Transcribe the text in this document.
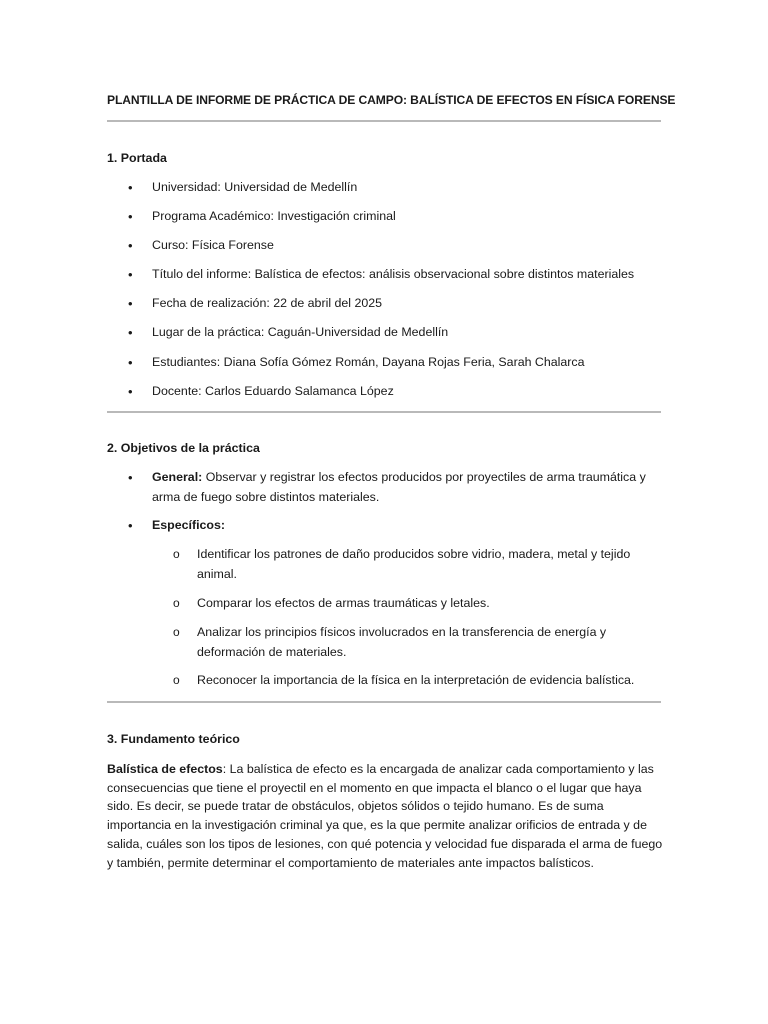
PLANTILLA DE INFORME DE PRÁCTICA DE CAMPO: BALÍSTICA DE EFECTOS EN FÍSICA FORENSE
1. Portada
• Universidad: Universidad de Medellín
• Programa Académico: Investigación criminal
• Curso: Física Forense
• Título del informe: Balística de efectos: análisis observacional sobre distintos materiales
• Fecha de realización: 22 de abril del 2025
• Lugar de la práctica: Caguán-Universidad de Medellín
• Estudiantes: Diana Sofía Gómez Román, Dayana Rojas Feria, Sarah Chalarca
• Docente: Carlos Eduardo Salamanca López
2. Objetivos de la práctica
• General: Observar y registrar los efectos producidos por proyectiles de arma traumática y arma de fuego sobre distintos materiales.
• Específicos:
o Identificar los patrones de daño producidos sobre vidrio, madera, metal y tejido animal.
o Comparar los efectos de armas traumáticas y letales.
o Analizar los principios físicos involucrados en la transferencia de energía y deformación de materiales.
o Reconocer la importancia de la física en la interpretación de evidencia balística.
3. Fundamento teórico
Balística de efectos: La balística de efecto es la encargada de analizar cada comportamiento y las consecuencias que tiene el proyectil en el momento en que impacta el blanco o el lugar que haya sido. Es decir, se puede tratar de obstáculos, objetos sólidos o tejido humano. Es de suma importancia en la investigación criminal ya que, es la que permite analizar orificios de entrada y de salida, cuáles son los tipos de lesiones, con qué potencia y velocidad fue disparada el arma de fuego y también, permite determinar el comportamiento de materiales ante impactos balísticos.
